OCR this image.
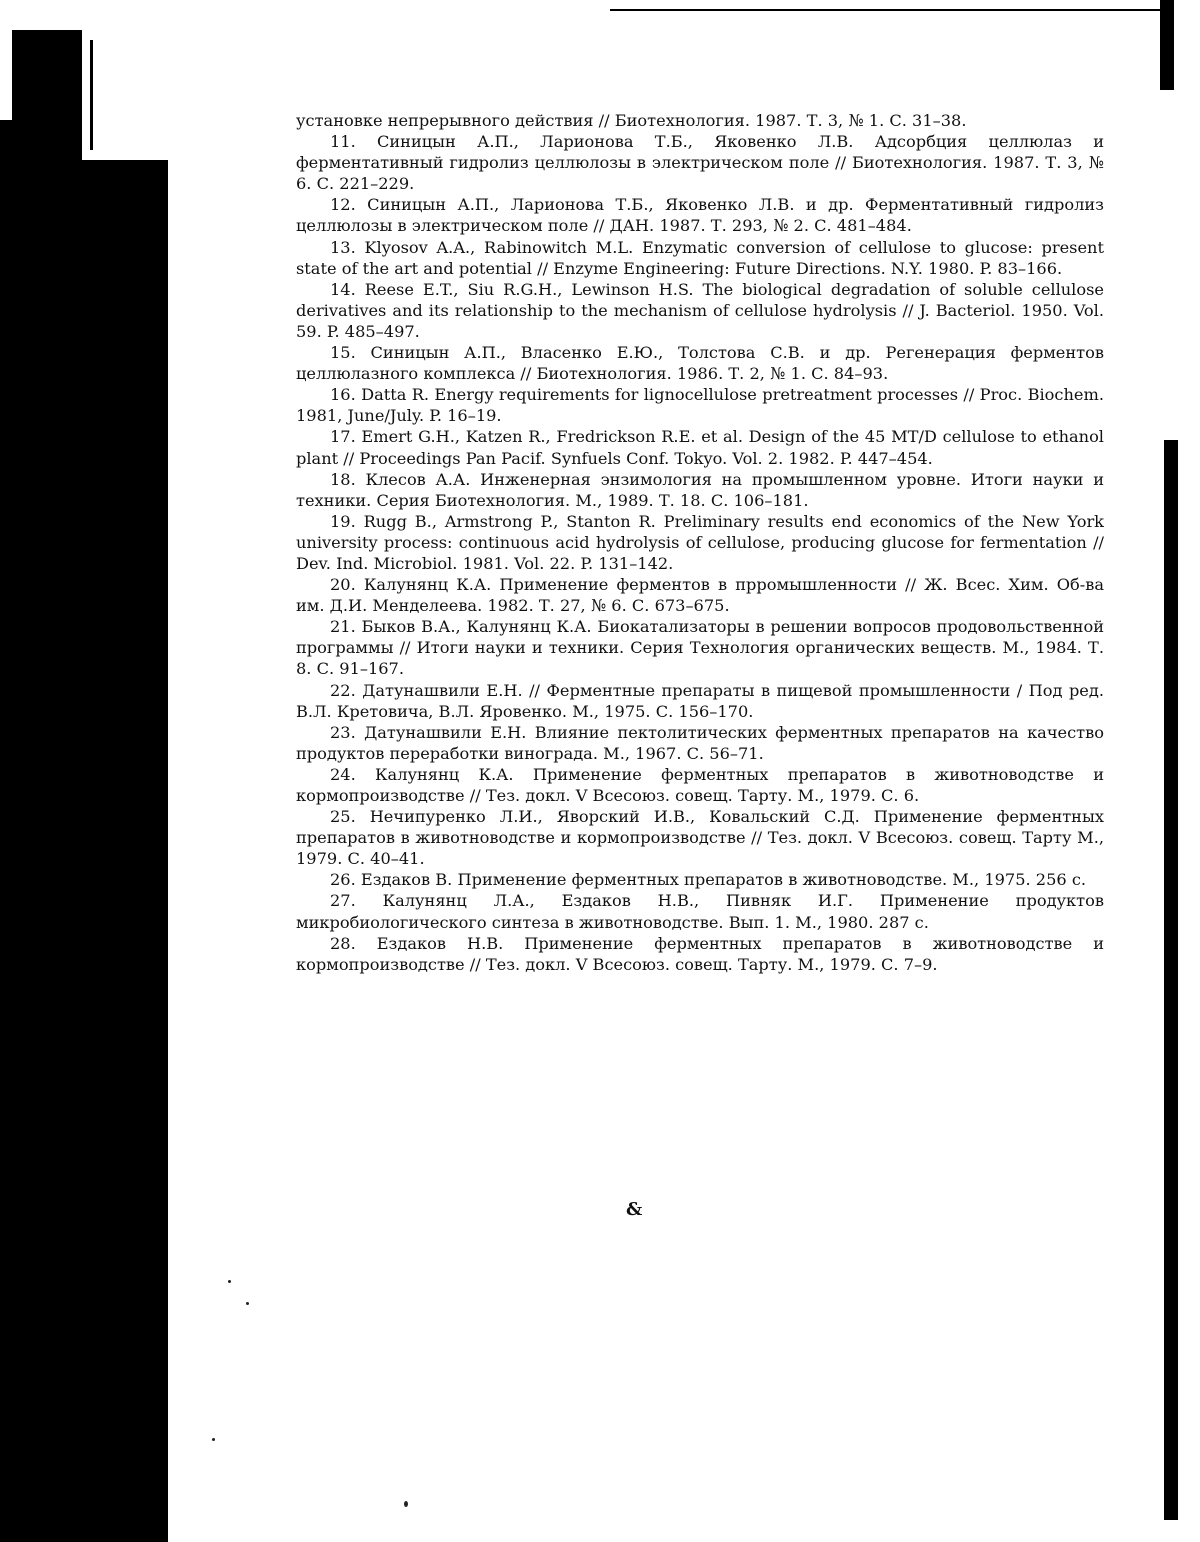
установке непрерывного действия // Биотехнология. 1987. Т. 3, № 1. С. 31–38.

11. Синицын А.П., Ларионова Т.Б., Яковенко Л.В. Адсорбция целлюлаз и ферментативный гидролиз целлюлозы в электрическом поле // Биотехнология. 1987. Т. 3, № 6. С. 221–229.

12. Синицын А.П., Ларионова Т.Б., Яковенко Л.В. и др. Ферментативный гидролиз целлюлозы в электрическом поле // ДАН. 1987. Т. 293, № 2. С. 481–484.

13. Klyosov A.A., Rabinowitch M.L. Enzymatic conversion of cellulose to glucose: present state of the art and potential // Enzyme Engineering: Future Directions. N.Y. 1980. P. 83–166.

14. Reese E.T., Siu R.G.H., Lewinson H.S. The biological degradation of soluble cellulose derivatives and its relationship to the mechanism of cellulose hydrolysis // J. Bacteriol. 1950. Vol. 59. P. 485–497.

15. Синицын А.П., Власенко Е.Ю., Толстова С.В. и др. Регенерация ферментов целлюлазного комплекса // Биотехнология. 1986. Т. 2, № 1. С. 84–93.

16. Datta R. Energy requirements for lignocellulose pretreatment processes // Proc. Biochem. 1981, June/July. P. 16–19.

17. Emert G.H., Katzen R., Fredrickson R.E. et al. Design of the 45 MT/D cellulose to ethanol plant // Proceedings Pan Pacif. Synfuels Conf. Tokyo. Vol. 2. 1982. P. 447–454.

18. Клесов А.А. Инженерная энзимология на промышленном уровне. Итоги науки и техники. Серия Биотехнология. М., 1989. Т. 18. С. 106–181.

19. Rugg B., Armstrong P., Stanton R. Preliminary results end economics of the New York university process: continuous acid hydrolysis of cellulose, producing glucose for fermentation // Dev. Ind. Microbiol. 1981. Vol. 22. P. 131–142.

20. Калунянц К.А. Применение ферментов в прромышленности // Ж. Всес. Хим. Об-ва им. Д.И. Менделеева. 1982. Т. 27, № 6. С. 673–675.

21. Быков В.А., Калунянц К.А. Биокатализаторы в решении вопросов продовольственной программы // Итоги науки и техники. Серия Технология органических веществ. М., 1984. Т. 8. С. 91–167.

22. Датунашвили Е.Н. // Ферментные препараты в пищевой промышленности / Под ред. В.Л. Кретовича, В.Л. Яровенко. М., 1975. С. 156–170.

23. Датунашвили Е.Н. Влияние пектолитических ферментных препаратов на качество продуктов переработки винограда. М., 1967. С. 56–71.

24. Калунянц К.А. Применение ферментных препаратов в животноводстве и кормопроизводстве // Тез. докл. V Всесоюз. совещ. Тарту. М., 1979. С. 6.

25. Нечипуренко Л.И., Яворский И.В., Ковальский С.Д. Применение ферментных препаратов в животноводстве и кормопроизводстве // Тез. докл. V Всесоюз. совещ. Тарту М., 1979. С. 40–41.

26. Ездаков В. Применение ферментных препаратов в животноводстве. М., 1975. 256 с.

27. Калунянц Л.А., Ездаков Н.В., Пивняк И.Г. Применение продуктов микробиологического синтеза в животноводстве. Вып. 1. М., 1980. 287 с.

28. Ездаков Н.В. Применение ферментных препаратов в животноводстве и кормопроизводстве // Тез. докл. V Всесоюз. совещ. Тарту. М., 1979. С. 7–9.

&
